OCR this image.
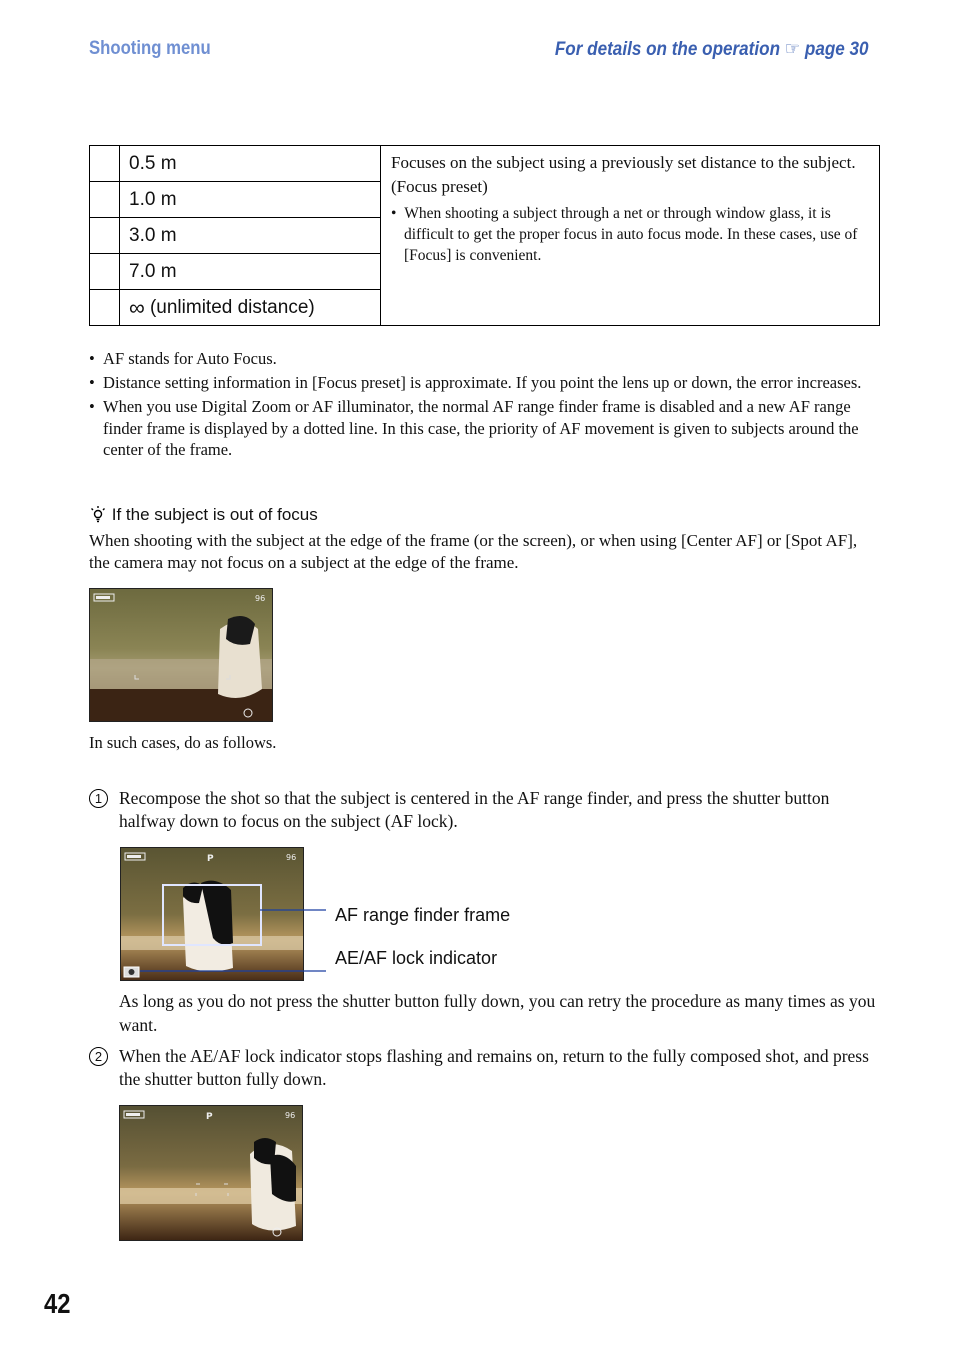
Shooting menu	For details on the operation ☞ page 30
	0.5 m	Focuses on the subject using a previously set distance to the subject. (Focus preset)
•  When shooting a subject through a net or through window glass, it is difficult to get the proper focus in auto focus mode. In these cases, use of [Focus] is convenient.

	1.0 m	
	3.0 m	
	7.0 m	
	∞ (unlimited distance)	
•  AF stands for Auto Focus.
•  Distance setting information in [Focus preset] is approximate. If you point the lens up or down, the error increases.
•  When you use Digital Zoom or AF illuminator, the normal AF range finder frame is disabled and a new AF range finder frame is displayed by a dotted line. In this case, the priority of AF movement is given to subjects around the center of the frame.
If the subject is out of focus
When shooting with the subject at the edge of the frame (or the screen), or when using [Center AF] or [Spot AF], the camera may not focus on a subject at the edge of the frame.
96
In such cases, do as follows.
1 Recompose the shot so that the subject is centered in the AF range finder, and press the shutter button halfway down to focus on the subject (AF lock).
P	96
AF range finder frame
AE/AF lock indicator
As long as you do not press the shutter button fully down, you can retry the procedure as many times as you want.
2 When the AE/AF lock indicator stops flashing and remains on, return to the fully composed shot, and press the shutter button fully down.
P	96
42
